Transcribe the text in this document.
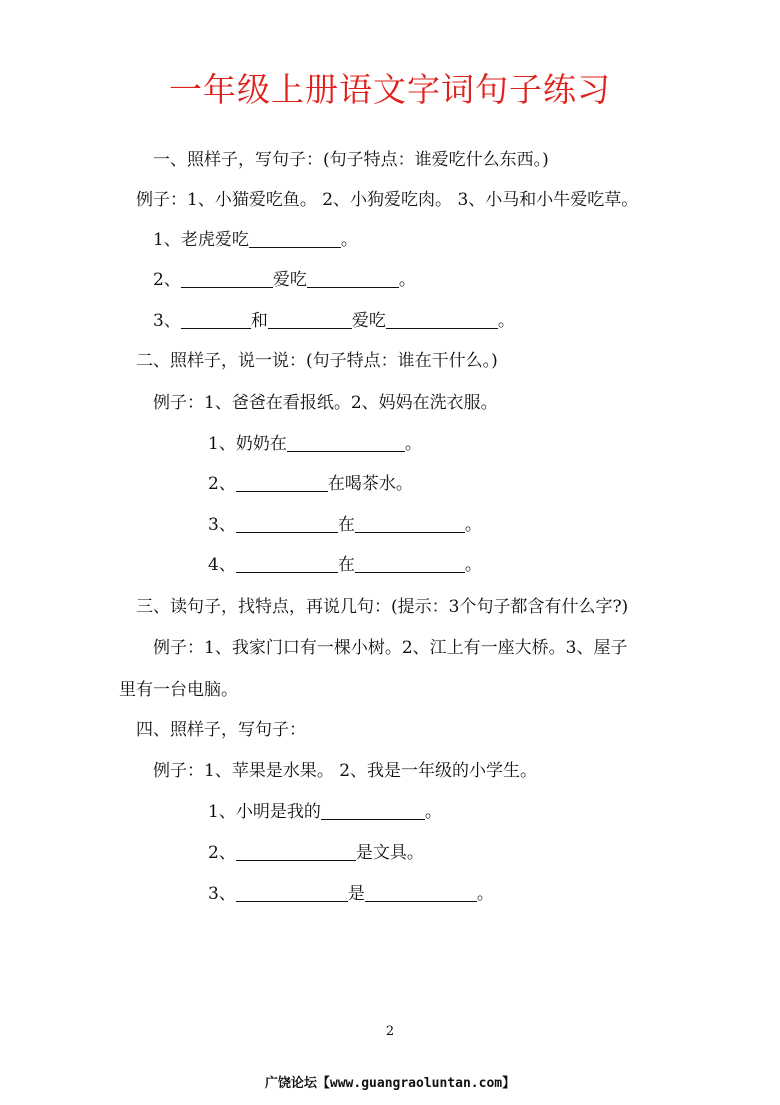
一年级上册语文字词句子练习
一、照样子，写句子：(句子特点：谁爱吃什么东西。)
例子：1、小猫爱吃鱼。 2、小狗爱吃肉。 3、小马和小牛爱吃草。
1、老虎爱吃	。
2、	爱吃	。
3、	和	爱吃	。
二、照样子，说一说：(句子特点：谁在干什么。)
例子：1、爸爸在看报纸。2、妈妈在洗衣服。
1、奶奶在	。
2、	在喝茶水。
3、	在	。
4、	在	。
三、读句子，找特点，再说几句：(提示：3个句子都含有什么字?)
例子：1、我家门口有一棵小树。2、江上有一座大桥。3、屋子
里有一台电脑。
四、照样子，写句子：
例子：1、苹果是水果。 2、我是一年级的小学生。
1、小明是我的	。
2、	是文具。
3、	是	。
2
广饶论坛【www.guangraoluntan.com】
